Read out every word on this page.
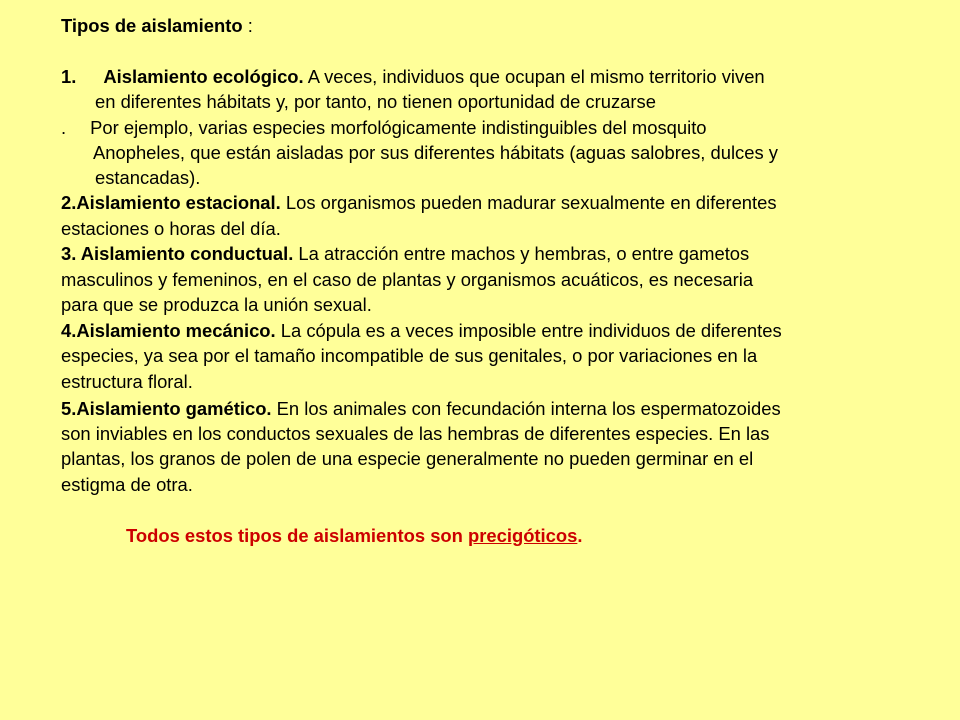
Tipos de aislamiento :
1. Aislamiento ecológico. A veces, individuos que ocupan el mismo territorio viven
en diferentes hábitats y, por tanto, no tienen oportunidad de cruzarse
. Por ejemplo, varias especies morfológicamente indistinguibles del mosquito
Anopheles, que están aisladas por sus diferentes hábitats (aguas salobres, dulces y
estancadas).
2.Aislamiento estacional. Los organismos pueden madurar sexualmente en diferentes
estaciones o horas del día.
3. Aislamiento conductual. La atracción entre machos y hembras, o entre gametos
masculinos y femeninos, en el caso de plantas y organismos acuáticos, es necesaria
para que se produzca la unión sexual.
4.Aislamiento mecánico. La cópula es a veces imposible entre individuos de diferentes
especies, ya sea por el tamaño incompatible de sus genitales, o por variaciones en la
estructura floral.
5.Aislamiento gamético. En los animales con fecundación interna los espermatozoides
son inviables en los conductos sexuales de las hembras de diferentes especies. En las
plantas, los granos de polen de una especie generalmente no pueden germinar en el
estigma de otra.
Todos estos tipos de aislamientos son precigóticos.
